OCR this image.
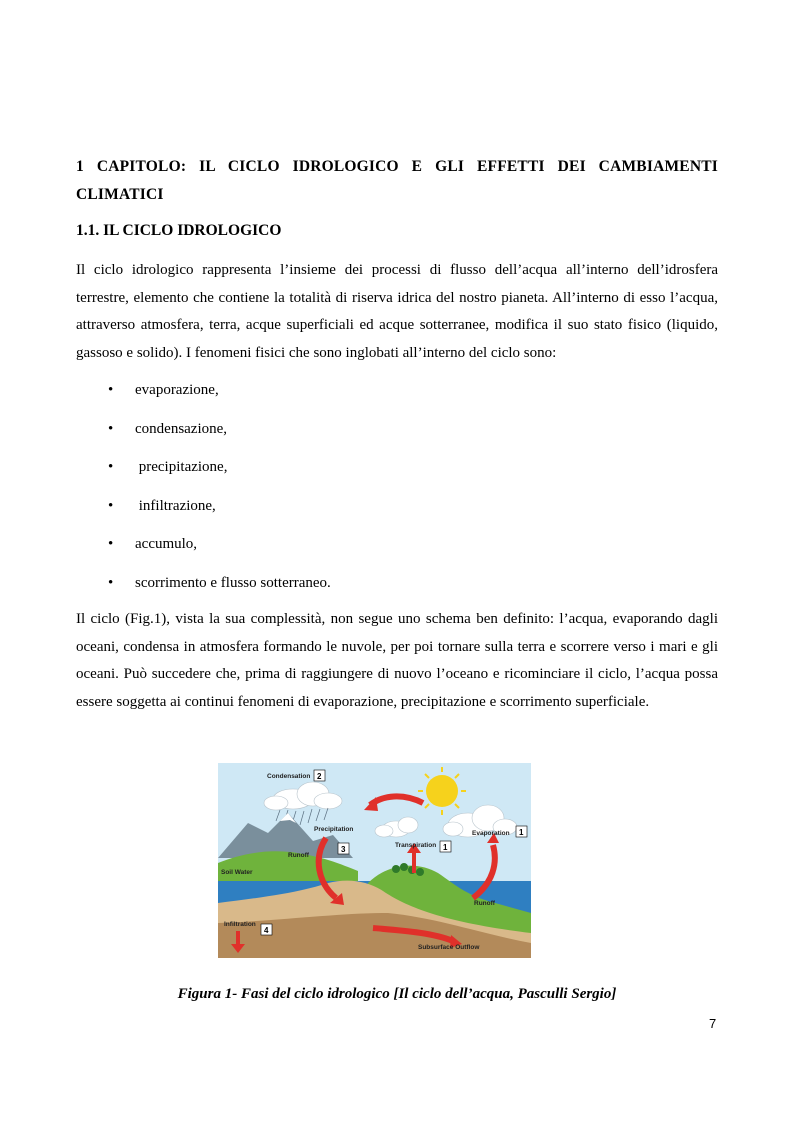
1 CAPITOLO: IL CICLO IDROLOGICO E GLI EFFETTI DEI CAMBIAMENTI CLIMATICI
1.1. IL CICLO IDROLOGICO
Il ciclo idrologico rappresenta l’insieme dei processi di flusso dell’acqua all’interno dell’idrosfera terrestre, elemento che contiene la totalità di riserva idrica del nostro pianeta. All’interno di esso l’acqua, attraverso atmosfera, terra, acque superficiali ed acque sotterranee, modifica il suo stato fisico (liquido, gassoso e solido). I fenomeni fisici che sono inglobati all’interno del ciclo sono:
• evaporazione,
• condensazione,
• precipitazione,
• infiltrazione,
• accumulo,
• scorrimento e flusso sotterraneo.
Il ciclo (Fig.1), vista la sua complessità, non segue uno schema ben definito: l’acqua, evaporando dagli oceani, condensa in atmosfera formando le nuvole, per poi tornare sulla terra e scorrere verso i mari e gli oceani. Può succedere che, prima di raggiungere di nuovo l’oceano e ricominciare il ciclo, l’acqua possa essere soggetta ai continui fenomeni di evaporazione, precipitazione e scorrimento superficiale.
Condensation 2
Precipitation
3
Evaporation 1
Transpiration 1
Runoff
Runoff
Soil Water
Infiltration
4
Subsurface Outflow
Figura 1- Fasi del ciclo idrologico [Il ciclo dell’acqua, Pasculli Sergio]
7
